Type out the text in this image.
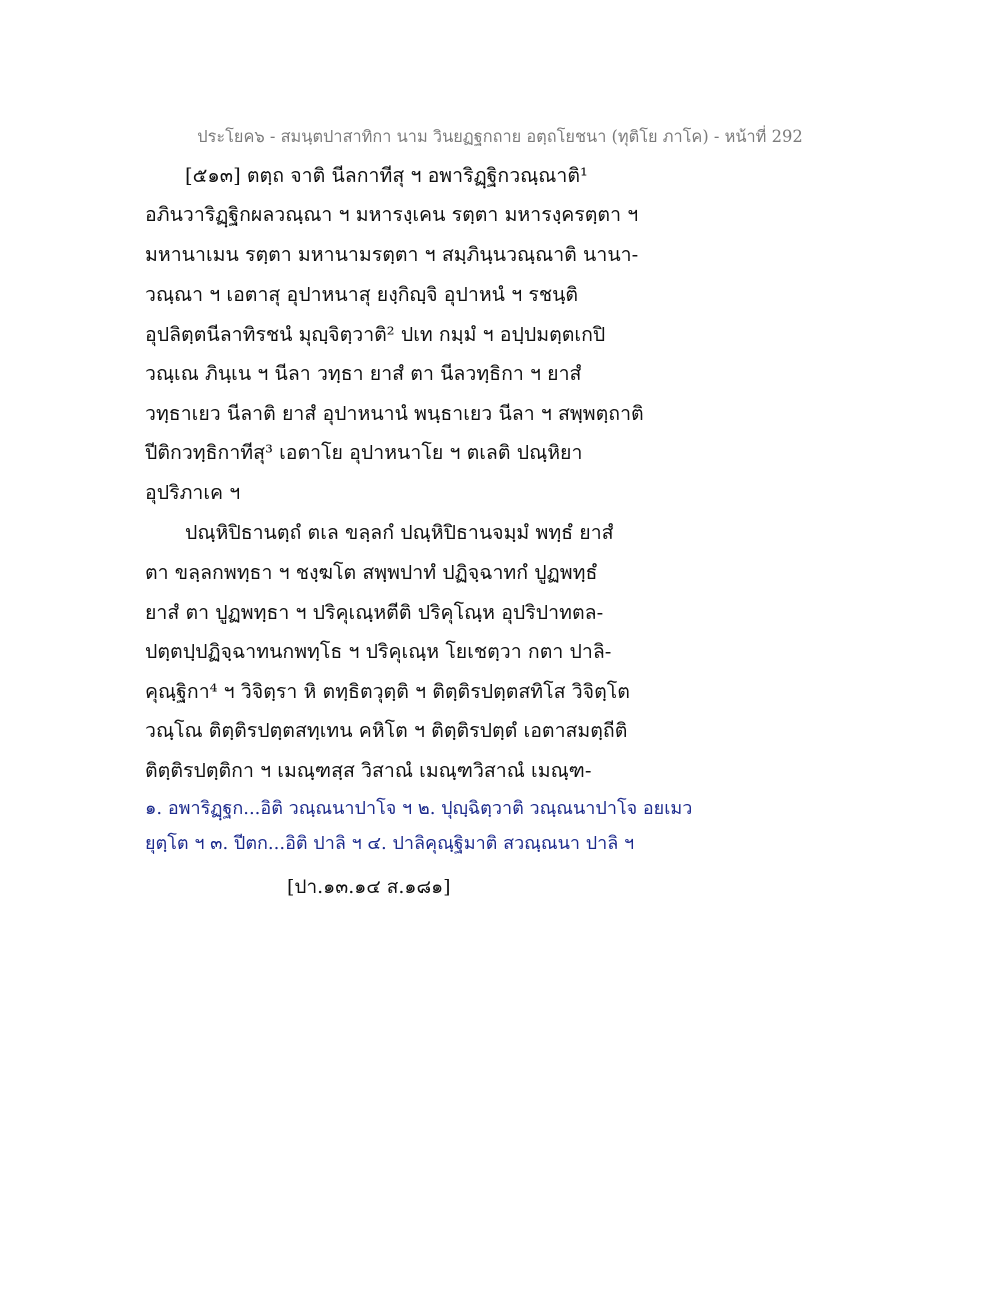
ประโยค๖ - สมนฺตปาสาทิกา นาม วินยฏฐกถาย อตฺถโยชนา (ทุติโย ภาโค) - หน้าที่ 292
[๕๑๓] ตตฺถ จาติ นีลกาทีสุ ฯ อพาริฏฺฐิกวณฺณาติ¹
อภินวาริฏฺฐิกผลวณฺณา ฯ มหารงฺเคน รตฺตา มหารงฺครตฺตา ฯ
มหานาเมน รตฺตา มหานามรตฺตา ฯ สมฺภินฺนวณฺณาติ นานา-
วณฺณา ฯ เอตาสุ อุปาหนาสุ ยงฺกิญฺจิ อุปาหนํ ฯ รชนฺติ
อุปลิตฺตนีลาทิรชนํ มุญฺจิตฺวาติ² ปเท กมฺมํ ฯ อปฺปมตฺตเกปิ
วณฺเณ ภินฺเน ฯ นีลา วทฺธา ยาสํ ตา นีลวทฺธิกา ฯ ยาสํ
วทฺธาเยว นีลาติ ยาสํ อุปาหนานํ พนฺธาเยว นีลา ฯ สพฺพตฺถาติ
ปีติกวทฺธิกาทีสุ³ เอตาโย อุปาหนาโย ฯ ตเลติ ปณฺหิยา
อุปริภาเค ฯ
ปณฺหิปิธานตฺถํ ตเล ขลฺลกํ ปณฺหิปิธานจมฺมํ พทฺธํ ยาสํ
ตา ขลฺลกพทฺธา ฯ ชงฺฆโต สพฺพปาทํ ปฏิจฺฉาทกํ ปูฏพทฺธํ
ยาสํ ตา ปูฏพทฺธา ฯ ปริคุเณฺหตีติ ปริคุโณฺห อุปริปาทตล-
ปตฺตปฺปฏิจฺฉาทนกพทฺโธ ฯ ปริคุเณฺห โยเชตฺวา กตา ปาลิ-
คุณฺฐิกา⁴ ฯ วิจิตฺรา หิ ตทฺธิตวุตฺติ ฯ ติตฺติรปตฺตสทิโส วิจิตฺโต
วณฺโณ ติตฺติรปตฺตสทฺเทน คหิโต ฯ ติตฺติรปตฺตํ เอตาสมตฺถีติ
ติตฺติรปตฺติกา ฯ เมณฺฑสฺส วิสาณํ เมณฺฑวิสาณํ เมณฺฑ-
๑. อพาริฏฺฐก...อิติ วณฺณนาปาโจ ฯ ๒. ปุญฺฉิตฺวาติ วณฺณนาปาโจ อยเมว
ยุตฺโต ฯ ๓. ปีตก...อิติ ปาลิ ฯ ๔. ปาลิคุณฺฐิมาติ สวณฺณนา ปาลิ ฯ
[ปา.๑๓.๑๔ ส.๑๘๑]
